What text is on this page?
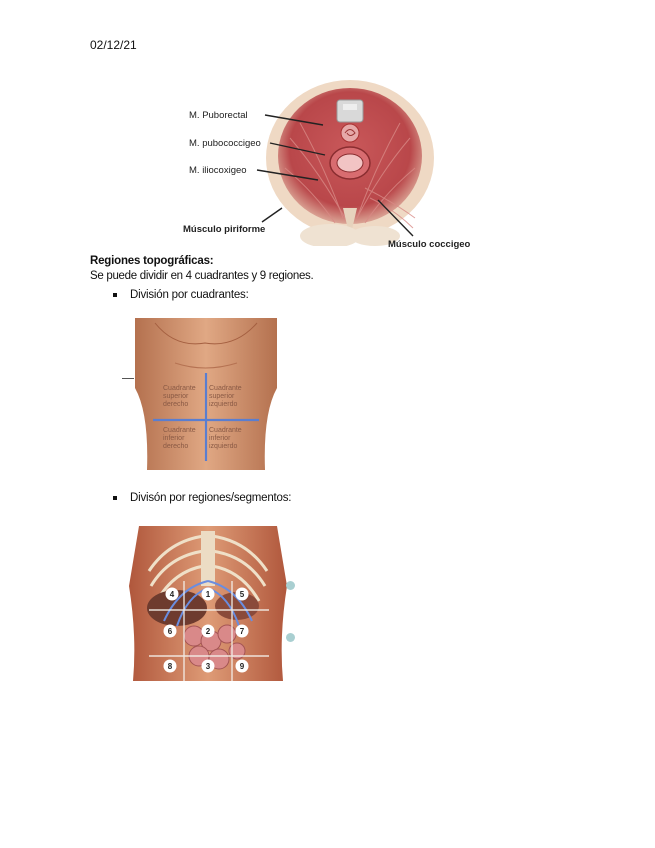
02/12/21
M. Puborectal
M. pubococcigeo
M. iliocoxigeo
Músculo piriforme
Músculo coccigeo
Regiones topográficas:
Se puede dividir en 4 cuadrantes y 9 regiones.
División por cuadrantes:
Cuadrante superior derecho
Cuadrante superior izquierdo
Cuadrante inferior derecho
Cuadrante inferior izquierdo
Divisón por regiones/segmentos:
4	1	5
6	2	7
8	3	9
